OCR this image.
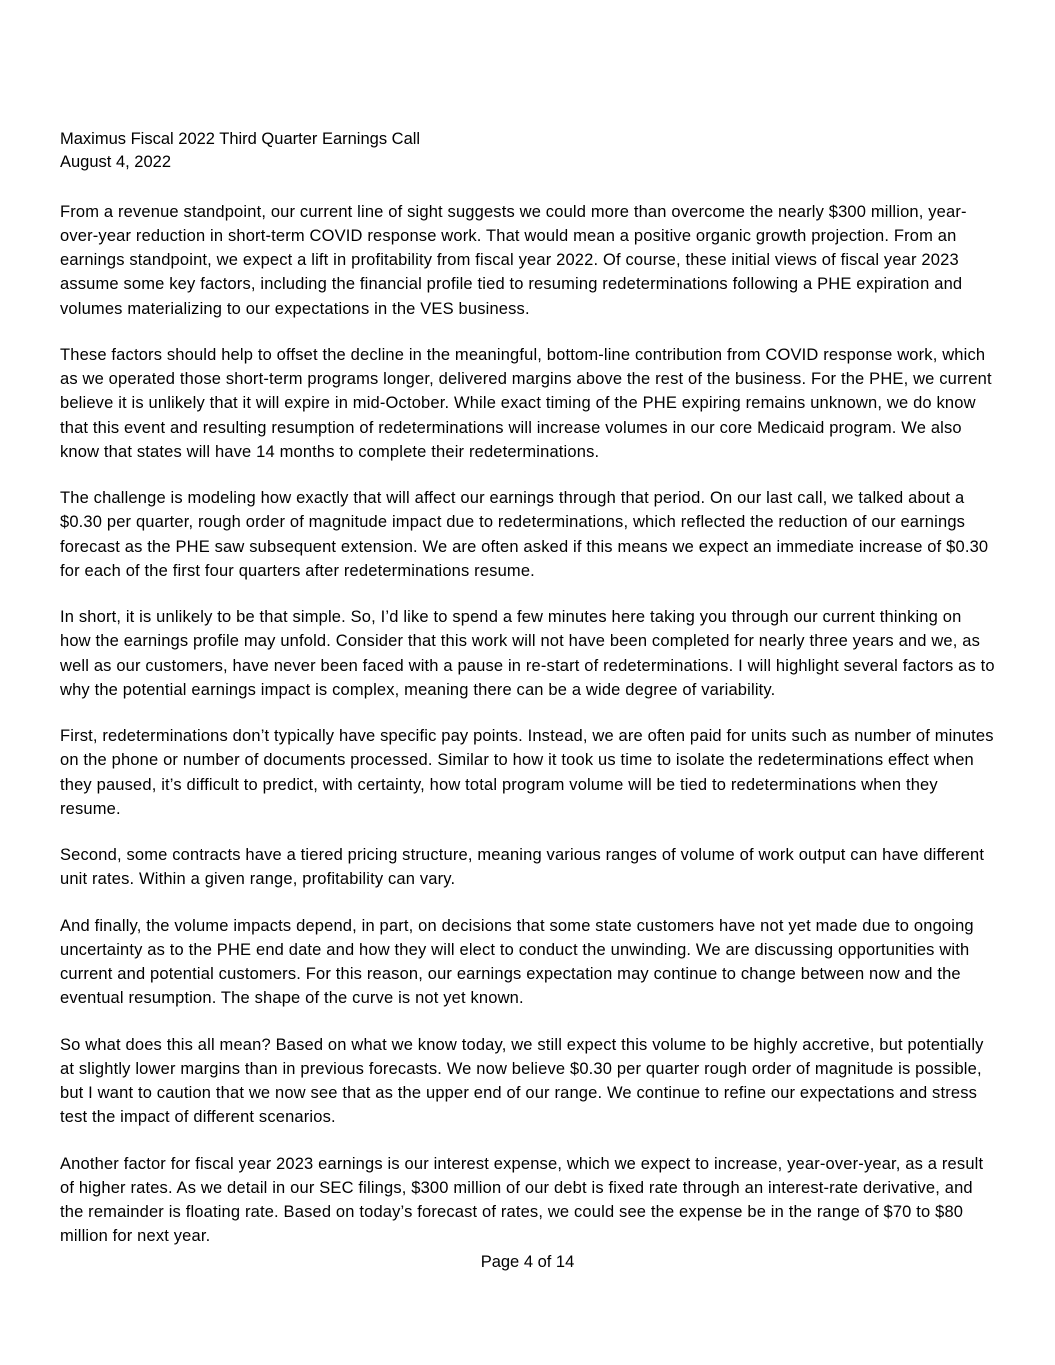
Maximus Fiscal 2022 Third Quarter Earnings Call
August 4, 2022

From a revenue standpoint, our current line of sight suggests we could more than overcome the nearly $300 million, year-over-year reduction in short-term COVID response work. That would mean a positive organic growth projection. From an earnings standpoint, we expect a lift in profitability from fiscal year 2022. Of course, these initial views of fiscal year 2023 assume some key factors, including the financial profile tied to resuming redeterminations following a PHE expiration and volumes materializing to our expectations in the VES business.

These factors should help to offset the decline in the meaningful, bottom-line contribution from COVID response work, which as we operated those short-term programs longer, delivered margins above the rest of the business. For the PHE, we current believe it is unlikely that it will expire in mid-October. While exact timing of the PHE expiring remains unknown, we do know that this event and resulting resumption of redeterminations will increase volumes in our core Medicaid program. We also know that states will have 14 months to complete their redeterminations.

The challenge is modeling how exactly that will affect our earnings through that period. On our last call, we talked about a $0.30 per quarter, rough order of magnitude impact due to redeterminations, which reflected the reduction of our earnings forecast as the PHE saw subsequent extension. We are often asked if this means we expect an immediate increase of $0.30 for each of the first four quarters after redeterminations resume.

In short, it is unlikely to be that simple. So, I’d like to spend a few minutes here taking you through our current thinking on how the earnings profile may unfold. Consider that this work will not have been completed for nearly three years and we, as well as our customers, have never been faced with a pause in re-start of redeterminations. I will highlight several factors as to why the potential earnings impact is complex, meaning there can be a wide degree of variability.

First, redeterminations don’t typically have specific pay points. Instead, we are often paid for units such as number of minutes on the phone or number of documents processed. Similar to how it took us time to isolate the redeterminations effect when they paused, it’s difficult to predict, with certainty, how total program volume will be tied to redeterminations when they resume.

Second, some contracts have a tiered pricing structure, meaning various ranges of volume of work output can have different unit rates. Within a given range, profitability can vary.

And finally, the volume impacts depend, in part, on decisions that some state customers have not yet made due to ongoing uncertainty as to the PHE end date and how they will elect to conduct the unwinding. We are discussing opportunities with current and potential customers. For this reason, our earnings expectation may continue to change between now and the eventual resumption. The shape of the curve is not yet known.

So what does this all mean? Based on what we know today, we still expect this volume to be highly accretive, but potentially at slightly lower margins than in previous forecasts. We now believe $0.30 per quarter rough order of magnitude is possible, but I want to caution that we now see that as the upper end of our range. We continue to refine our expectations and stress test the impact of different scenarios.

Another factor for fiscal year 2023 earnings is our interest expense, which we expect to increase, year-over-year, as a result of higher rates. As we detail in our SEC filings, $300 million of our debt is fixed rate through an interest-rate derivative, and the remainder is floating rate. Based on today’s forecast of rates, we could see the expense be in the range of $70 to $80 million for next year.

Page 4 of 14
